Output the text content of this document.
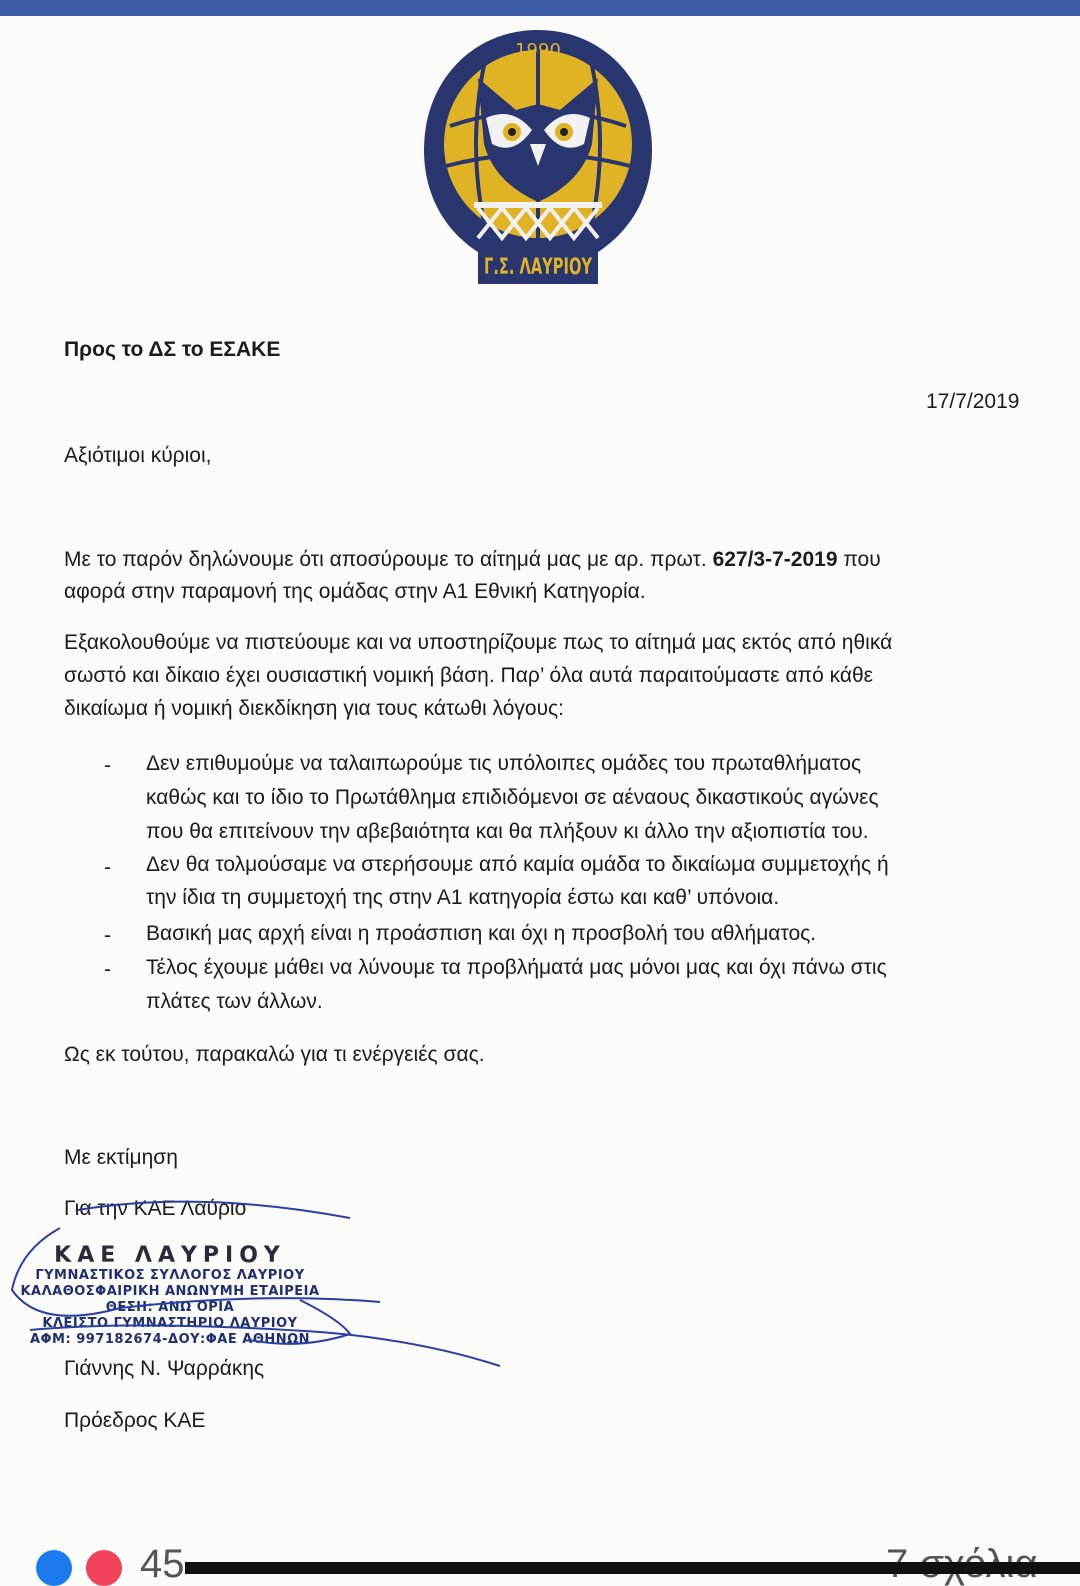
1990
Γ.Σ. ΛΑΥΡΙΟΥ
Προς το ΔΣ το ΕΣΑΚΕ
17/7/2019
Αξιότιμοι κύριοι,
Με το παρόν δηλώνουμε ότι αποσύρουμε το αίτημά μας με αρ. πρωτ. 627/3-7-2019 που
αφορά στην παραμονή της ομάδας στην Α1 Εθνική Κατηγορία.
Εξακολουθούμε να πιστεύουμε και να υποστηρίζουμε πως το αίτημά μας εκτός από ηθικά
σωστό και δίκαιο έχει ουσιαστική νομική βάση. Παρ’ όλα αυτά παραιτούμαστε από κάθε
δικαίωμα ή νομική διεκδίκηση για τους κάτωθι λόγους:
- Δεν επιθυμούμε να ταλαιπωρούμε τις υπόλοιπες ομάδες του πρωταθλήματος
καθώς και το ίδιο το Πρωτάθλημα επιδιδόμενοι σε αέναους δικαστικούς αγώνες
που θα επιτείνουν την αβεβαιότητα και θα πλήξουν κι άλλο την αξιοπιστία του.
- Δεν θα τολμούσαμε να στερήσουμε από καμία ομάδα το δικαίωμα συμμετοχής ή
την ίδια τη συμμετοχή της στην Α1 κατηγορία έστω και καθ’ υπόνοια.
- Βασική μας αρχή είναι η προάσπιση και όχι η προσβολή του αθλήματος.
- Τέλος έχουμε μάθει να λύνουμε τα προβλήματά μας μόνοι μας και όχι πάνω στις
πλάτες των άλλων.
Ως εκ τούτου, παρακαλώ για τι ενέργειές σας.
Με εκτίμηση
Για την ΚΑΕ Λαύριο
Γιάννης Ν. Ψαρράκης
Πρόεδρος ΚΑΕ
ΚΑΕ ΛΑΥΡΙΟΥ
ΓΥΜΝΑΣΤΙΚΟΣ ΣΥΛΛΟΓΟΣ ΛΑΥΡΙΟΥ
ΚΑΛΑΘΟΣΦΑΙΡΙΚΗ ΑΝΩΝΥΜΗ ΕΤΑΙΡΕΙΑ
ΘΕΣΗ: ΑΝΩ ΟΡΙΑ
ΚΛΕΙΣΤΟ ΓΥΜΝΑΣΤΗΡΙΟ ΛΑΥΡΙΟΥ
ΑΦΜ: 997182674-ΔΟΥ:ΦΑΕ ΑΘΗΝΩΝ
45
